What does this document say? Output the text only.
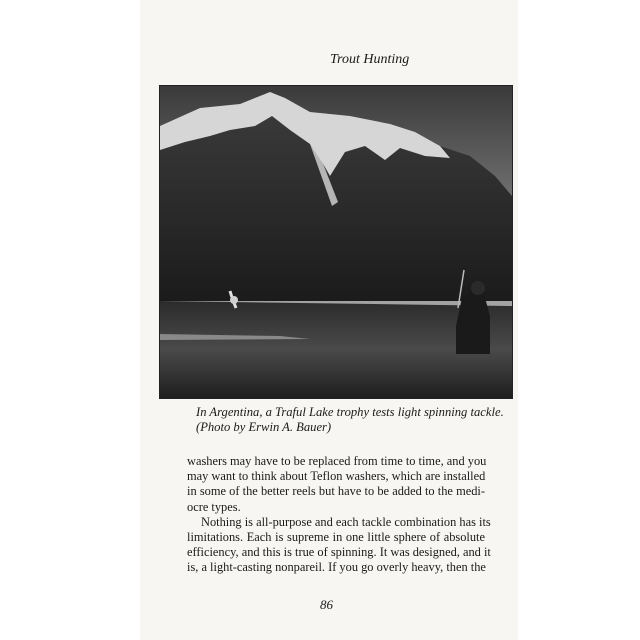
Trout Hunting
In Argentina, a Traful Lake trophy tests light spinning tackle.
(Photo by Erwin A. Bauer)
washers may have to be replaced from time to time, and you
may want to think about Teflon washers, which are installed
in some of the better reels but have to be added to the medi-
ocre types.
Nothing is all-purpose and each tackle combination has its
limitations. Each is supreme in one little sphere of absolute
efficiency, and this is true of spinning. It was designed, and it
is, a light-casting nonpareil. If you go overly heavy, then the
86
